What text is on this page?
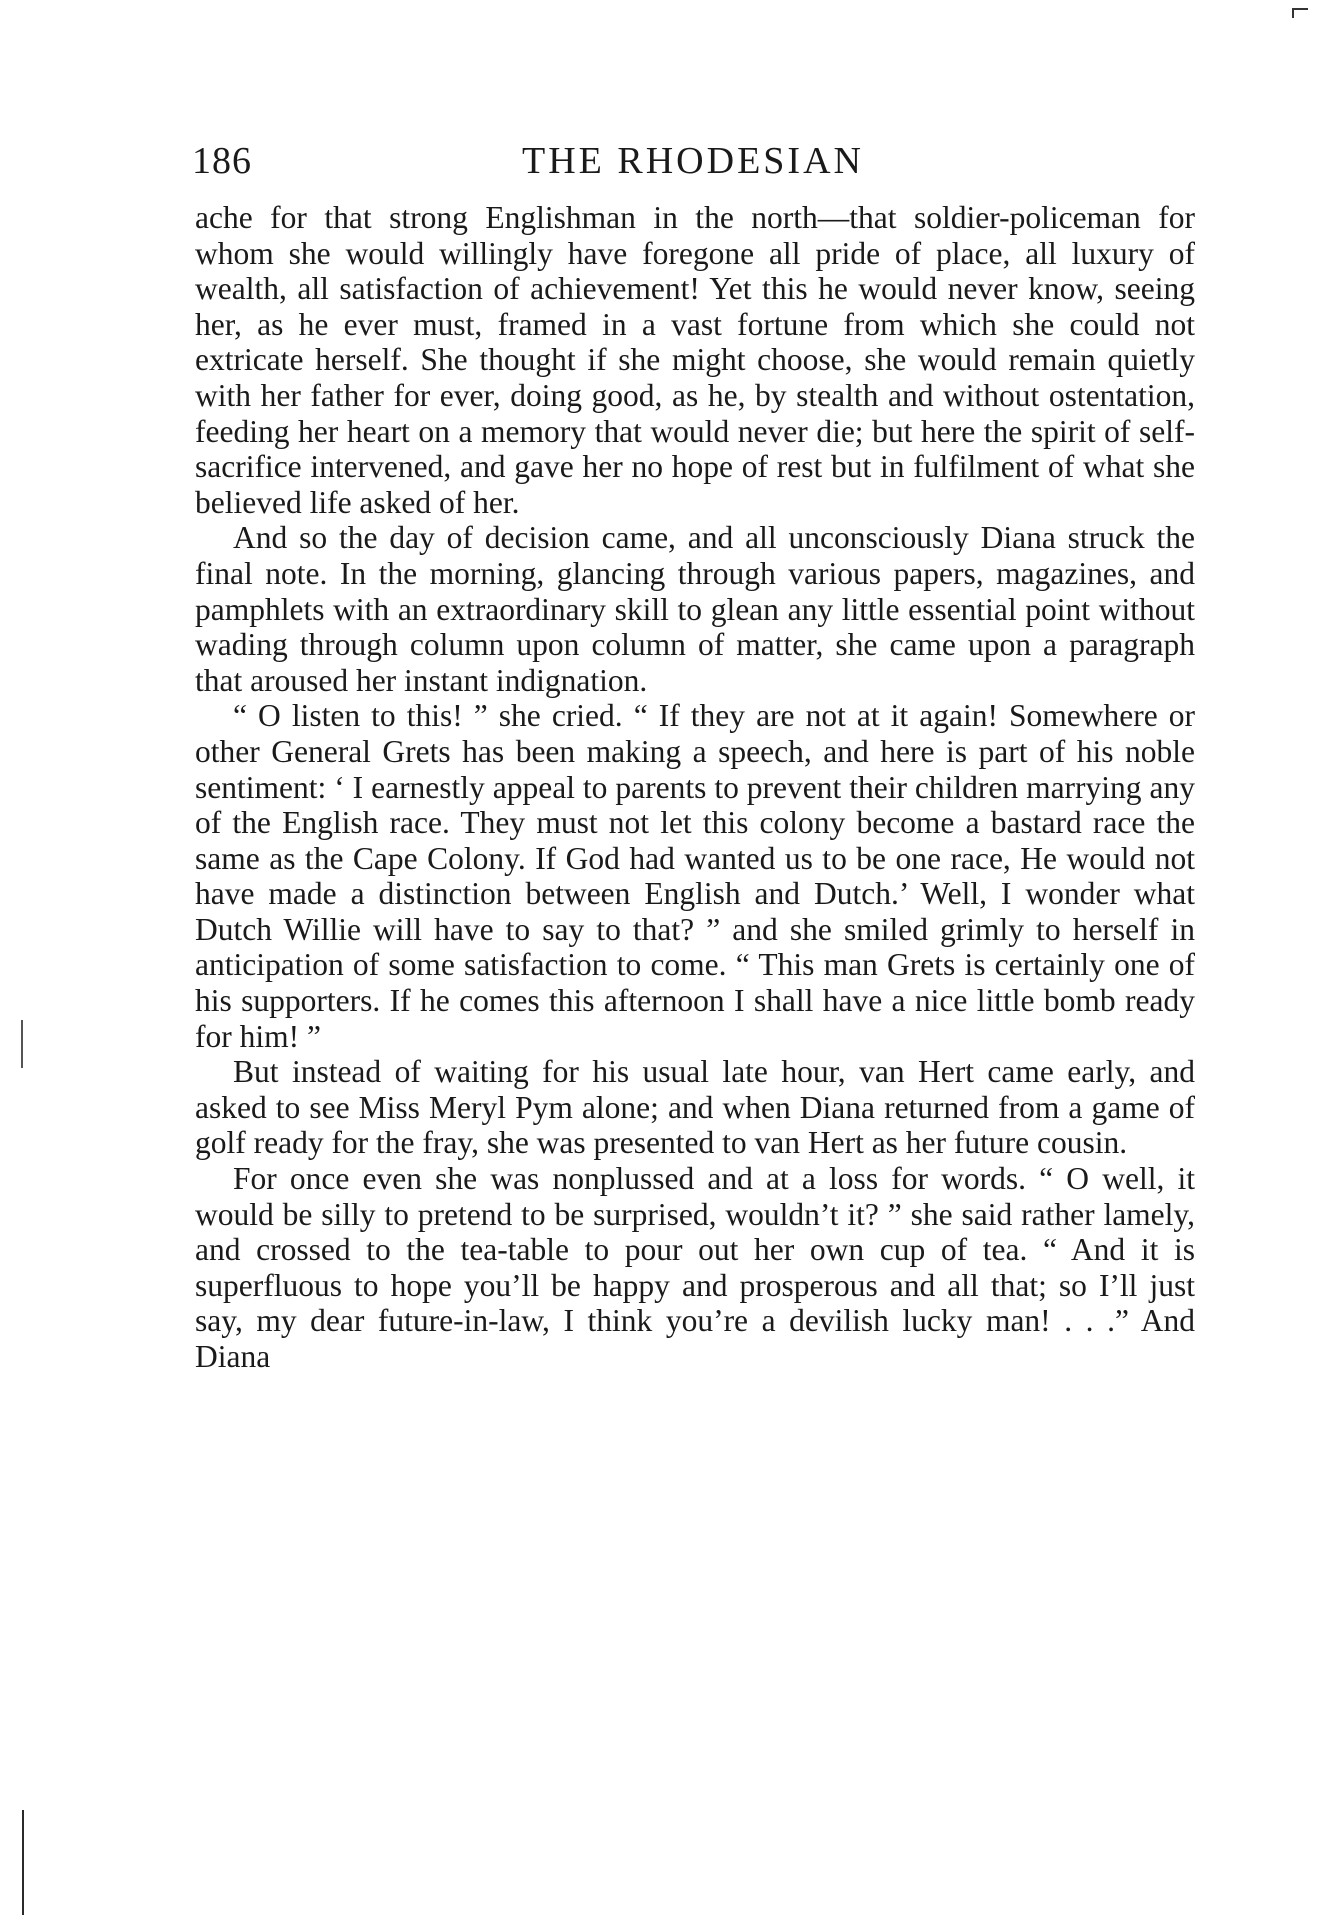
186	THE RHODESIAN

ache for that strong Englishman in the north—that soldier-policeman for whom she would willingly have foregone all pride of place, all luxury of wealth, all satisfaction of achievement! Yet this he would never know, seeing her, as he ever must, framed in a vast fortune from which she could not extricate herself. She thought if she might choose, she would remain quietly with her father for ever, doing good, as he, by stealth and without ostentation, feeding her heart on a memory that would never die; but here the spirit of self-sacrifice intervened, and gave her no hope of rest but in fulfilment of what she believed life asked of her.

And so the day of decision came, and all unconsciously Diana struck the final note. In the morning, glancing through various papers, magazines, and pamphlets with an extraordinary skill to glean any little essential point without wading through column upon column of matter, she came upon a paragraph that aroused her instant indignation.

“ O listen to this! ” she cried. “ If they are not at it again! Somewhere or other General Grets has been making a speech, and here is part of his noble sentiment: ‘ I earnestly appeal to parents to prevent their children marrying any of the English race. They must not let this colony become a bastard race the same as the Cape Colony. If God had wanted us to be one race, He would not have made a distinction between English and Dutch.’ Well, I wonder what Dutch Willie will have to say to that? ” and she smiled grimly to herself in anticipation of some satisfaction to come. “ This man Grets is certainly one of his supporters. If he comes this afternoon I shall have a nice little bomb ready for him! ”

But instead of waiting for his usual late hour, van Hert came early, and asked to see Miss Meryl Pym alone; and when Diana returned from a game of golf ready for the fray, she was presented to van Hert as her future cousin.

For once even she was nonplussed and at a loss for words. “ O well, it would be silly to pretend to be surprised, wouldn’t it? ” she said rather lamely, and crossed to the tea-table to pour out her own cup of tea. “ And it is superfluous to hope you’ll be happy and prosperous and all that; so I’ll just say, my dear future-in-law, I think you’re a devilish lucky man! . . .” And Diana
